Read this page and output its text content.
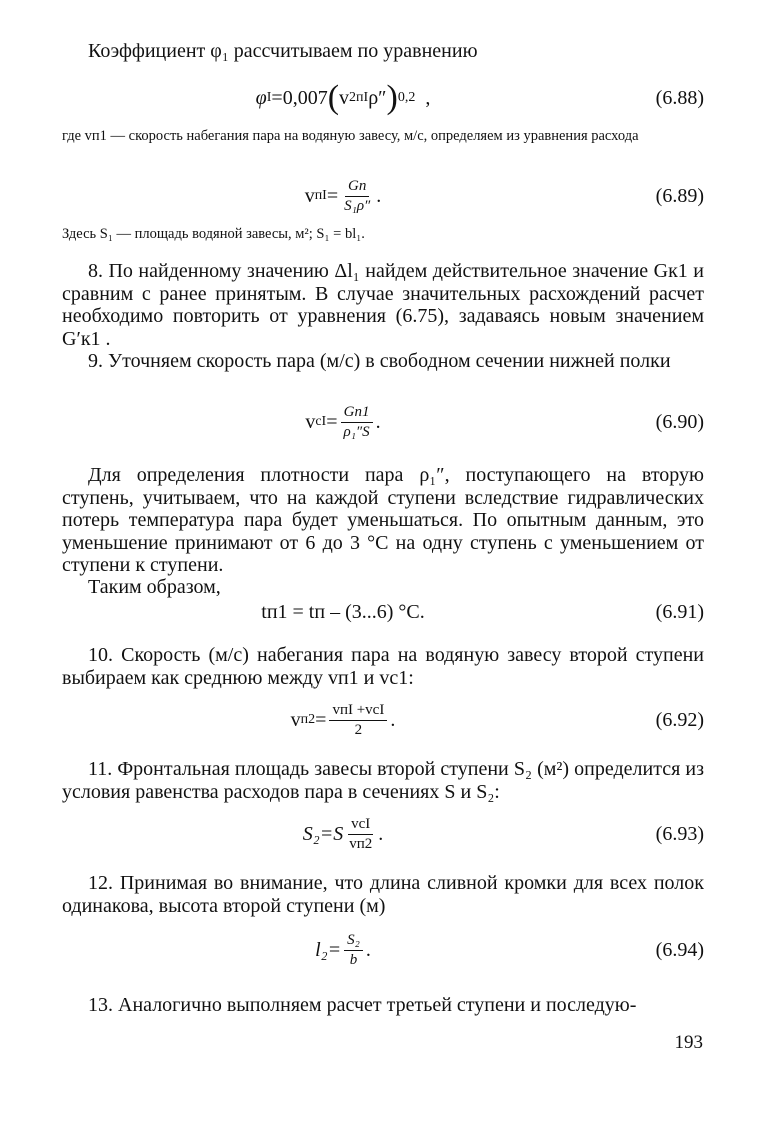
Коэффициент φ₁ рассчитываем по уравнению
φ I =0,007 ( v 2 пI ρ″ ) 0,2 ,	(6.88)
где vп1 — скорость набегания пара на водяную завесу, м/с, определяем из уравнения расхода
v пI = $\frac{Gп}{\text{S₁ρ″}}$ .	(6.89)
Здесь S₁ — площадь водяной завесы, м²; S₁ = bl₁.
8. По найденному значению Δl₁ найдем действительное значение Gк1 и сравним с ранее принятым. В случае значительных расхождений расчет необходимо повторить от уравнения (6.75), задаваясь новым значением G′к1 .
9. Уточняем скорость пара (м/с) в свободном сечении нижней полки
v cI = $\frac{Gп1}{\text{ρ₁″S}}$ .	(6.90)
Для определения плотности пара ρ₁″, поступающего на вторую ступень, учитываем, что на каждой ступени вследствие гидравлических потерь температура пара будет уменьшаться. По опытным данным, это уменьшение принимают от 6 до 3 °С на одну ступень с уменьшением от ступени к ступени.
Таким образом,
tп1 = tп – (3...6) °С.	(6.91)
10. Скорость (м/с) набегания пара на водяную завесу второй ступени выбираем как среднюю между vп1 и vс1:
v $п2 = \frac{\text{vпI +vсI}}{2}$ .	(6.92)
11. Фронтальная площадь завесы второй ступени S₂ (м²) определится из условия равенства расходов пара в сечениях S и S₂:
$S_2=S \frac{\text{vcI}}{vп2}$ .	(6.93)
12. Принимая во внимание, что длина сливной кромки для всех полок одинакова, высота второй ступени (м)
$l_2= \frac{\text{S₂}}{b}$ .	(6.94)
13. Аналогично выполняем расчет третьей ступени и последую-
193
